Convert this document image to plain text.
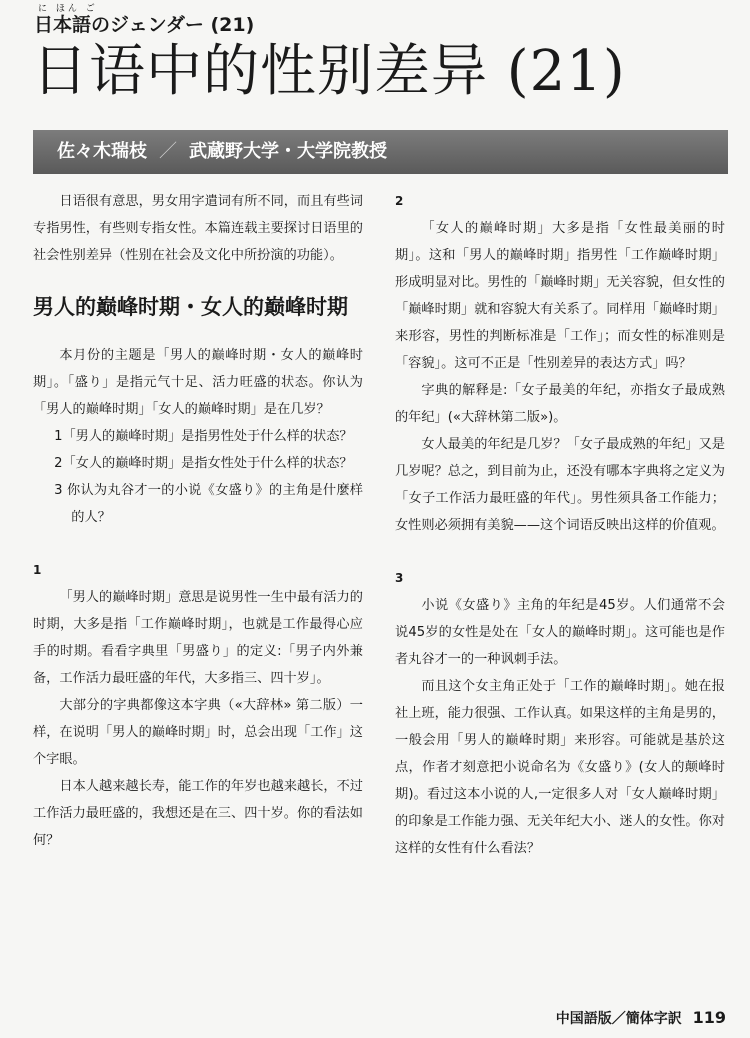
に ほん ご
日本語のジェンダー (21)
日语中的性别差异 (21)
佐々木瑞枝 ／ 武蔵野大学・大学院教授

日语很有意思，男女用字遣词有所不同，而且有些词专指男性，有些则专指女性。本篇连载主要探讨日语里的社会性别差异（性别在社会及文化中所扮演的功能）。

男人的巅峰时期・女人的巅峰时期

本月份的主题是「男人的巅峰时期・女人的巅峰时期」。「盛り」是指元气十足、活力旺盛的状态。你认为「男人的巅峰时期」「女人的巅峰时期」是在几岁？

1「男人的巅峰时期」是指男性处于什么样的状态？

2「女人的巅峰时期」是指女性处于什么样的状态？

3 你认为丸谷才一的小说《女盛り》的主角是什麼样的人？

1

「男人的巅峰时期」意思是说男性一生中最有活力的时期，大多是指「工作巅峰时期」，也就是工作最得心应手的时期。看看字典里「男盛り」的定义:「男子内外兼备，工作活力最旺盛的年代，大多指三、四十岁」。

大部分的字典都像这本字典（«大辞林» 第二版）一样，在说明「男人的巅峰时期」时，总会出现「工作」这个字眼。

日本人越来越长寿，能工作的年岁也越来越长，不过工作活力最旺盛的，我想还是在三、四十岁。你的看法如何？

2

「女人的巅峰时期」大多是指「女性最美丽的时期」。这和「男人的巅峰时期」指男性「工作巅峰时期」形成明显对比。男性的「巅峰时期」无关容貌，但女性的「巅峰时期」就和容貌大有关系了。同样用「巅峰时期」来形容，男性的判断标准是「工作」；而女性的标准则是「容貌」。这可不正是「性别差异的表达方式」吗？

字典的解释是:「女子最美的年纪，亦指女子最成熟的年纪」(«大辞林第二版»)。

女人最美的年纪是几岁？「女子最成熟的年纪」又是几岁呢？总之，到目前为止，还没有哪本字典将之定义为「女子工作活力最旺盛的年代」。男性须具备工作能力；女性则必须拥有美貌——这个词语反映出这样的价值观。

3

小说《女盛り》主角的年纪是45岁。人们通常不会说45岁的女性是处在「女人的巅峰时期」。这可能也是作者丸谷才一的一种讽刺手法。

而且这个女主角正处于「工作的巅峰时期」。她在报社上班，能力很强、工作认真。如果这样的主角是男的，一般会用「男人的巅峰时期」来形容。可能就是基於这点，作者才刻意把小说命名为《女盛り》(女人的颠峰时期)。看过这本小说的人,一定很多人对「女人巅峰时期」的印象是工作能力强、无关年纪大小、迷人的女性。你对这样的女性有什么看法？

中国語版／簡体字訳 119
